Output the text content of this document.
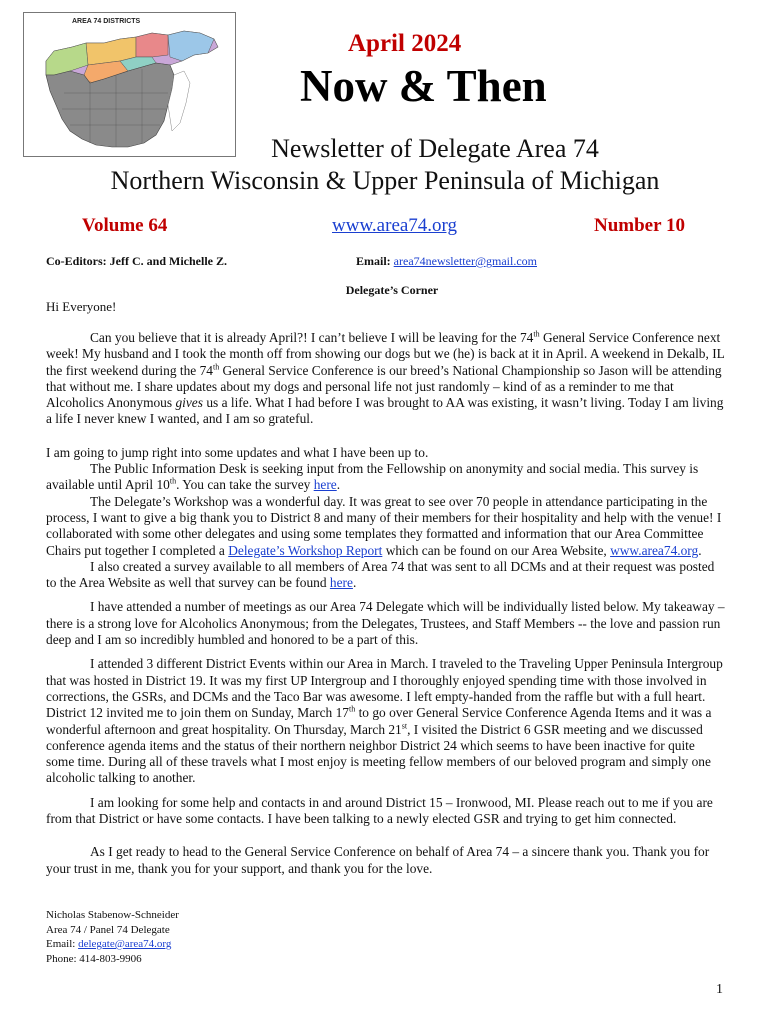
AREA 74 DISTRICTS
April 2024
Now & Then
Newsletter of Delegate Area 74
Northern Wisconsin & Upper Peninsula of Michigan
Volume 64	www.area74.org	Number 10
Co-Editors: Jeff C. and Michelle Z.	Email: area74newsletter@gmail.com
Delegate’s Corner
Hi Everyone!

Can you believe that it is already April?! I can’t believe I will be leaving for the 74th General Service Conference next week! My husband and I took the month off from showing our dogs but we (he) is back at it in April. A weekend in Dekalb, IL the first weekend during the 74th General Service Conference is our breed’s National Championship so Jason will be attending that without me. I share updates about my dogs and personal life not just randomly – kind of as a reminder to me that Alcoholics Anonymous gives us a life. What I had before I was brought to AA was existing, it wasn’t living. Today I am living a life I never knew I wanted, and I am so grateful.

I am going to jump right into some updates and what I have been up to.

The Public Information Desk is seeking input from the Fellowship on anonymity and social media. This survey is available until April 10th. You can take the survey here.

The Delegate’s Workshop was a wonderful day. It was great to see over 70 people in attendance participating in the process, I want to give a big thank you to District 8 and many of their members for their hospitality and help with the venue! I collaborated with some other delegates and using some templates they formatted and information that our Area Committee Chairs put together I completed a Delegate’s Workshop Report which can be found on our Area Website, www.area74.org.

I also created a survey available to all members of Area 74 that was sent to all DCMs and at their request was posted to the Area Website as well that survey can be found here.

I have attended a number of meetings as our Area 74 Delegate which will be individually listed below. My takeaway – there is a strong love for Alcoholics Anonymous; from the Delegates, Trustees, and Staff Members -- the love and passion run deep and I am so incredibly humbled and honored to be a part of this.

I attended 3 different District Events within our Area in March. I traveled to the Traveling Upper Peninsula Intergroup that was hosted in District 19. It was my first UP Intergroup and I thoroughly enjoyed spending time with those involved in corrections, the GSRs, and DCMs and the Taco Bar was awesome. I left empty-handed from the raffle but with a full heart. District 12 invited me to join them on Sunday, March 17th to go over General Service Conference Agenda Items and it was a wonderful afternoon and great hospitality. On Thursday, March 21st, I visited the District 6 GSR meeting and we discussed conference agenda items and the status of their northern neighbor District 24 which seems to have been inactive for quite some time. During all of these travels what I most enjoy is meeting fellow members of our beloved program and simply one alcoholic talking to another.

I am looking for some help and contacts in and around District 15 – Ironwood, MI. Please reach out to me if you are from that District or have some contacts. I have been talking to a newly elected GSR and trying to get him connected.

As I get ready to head to the General Service Conference on behalf of Area 74 – a sincere thank you. Thank you for your trust in me, thank you for your support, and thank you for the love.

Nicholas Stabenow-Schneider
Area 74 / Panel 74 Delegate
Email: delegate@area74.org
Phone: 414-803-9906
1
